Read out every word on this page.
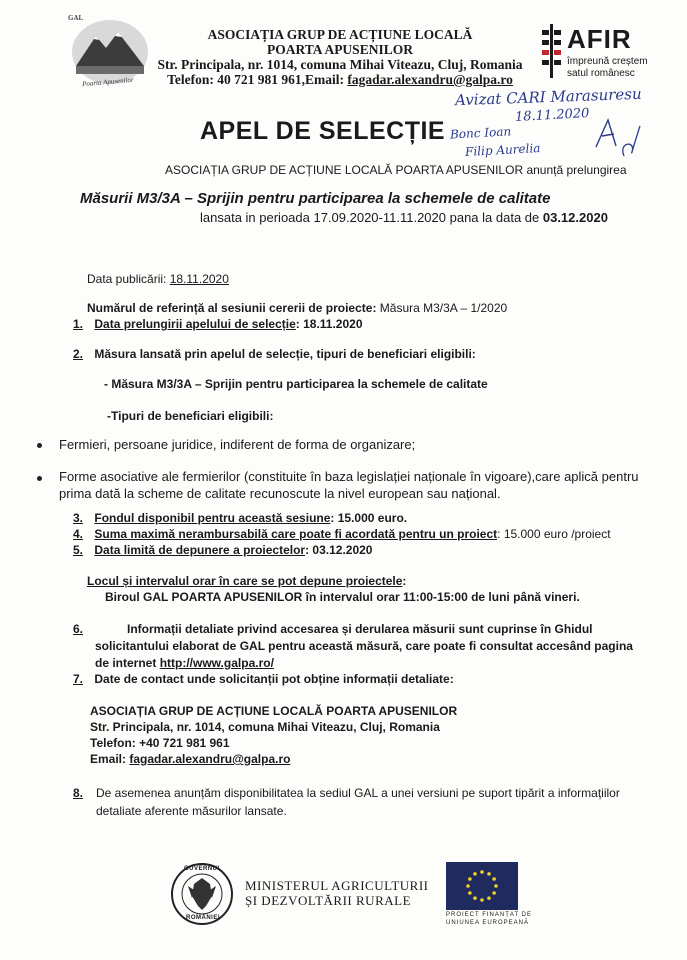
GAL
Poarta Apusenilor
ASOCIAȚIA GRUP DE ACȚIUNE LOCALĂ
POARTA APUSENILOR
Str. Principala, nr. 1014, comuna Mihai Viteazu, Cluj, Romania
Telefon: 40 721 981 961,Email: fagadar.alexandru@galpa.ro
AFIR
împreună creștem
satul românesc
Avizat CARI Marasuresu
18.11.2020
Bonc Ioan
Filip Aurelia
APEL DE SELECȚIE
ASOCIAȚIA GRUP DE ACȚIUNE LOCALĂ POARTA APUSENILOR anunță prelungirea
Măsurii M3/3A – Sprijin pentru participarea la schemele de calitate
lansata in perioada 17.09.2020-11.11.2020 pana la data de 03.12.2020
Data publicării: 18.11.2020
Numărul de referință al sesiunii cererii de proiecte: Măsura M3/3A – 1/2020
1. Data prelungirii apelului de selecție: 18.11.2020
2. Măsura lansată prin apelul de selecție, tipuri de beneficiari eligibili:
- Măsura M3/3A – Sprijin pentru participarea la schemele de calitate
-Tipuri de beneficiari eligibili:
Fermieri, persoane juridice, indiferent de forma de organizare;
Forme asociative ale fermierilor (constituite în baza legislației naționale în vigoare),care aplică pentru
prima dată la scheme de calitate recunoscute la nivel european sau național.
3. Fondul disponibil pentru această sesiune: 15.000 euro.
4. Suma maximă nerambursabilă care poate fi acordată pentru un proiect: 15.000 euro /proiect
5. Data limită de depunere a proiectelor: 03.12.2020
Locul și intervalul orar în care se pot depune proiectele:
Biroul GAL POARTA APUSENILOR în intervalul orar 11:00-15:00 de luni până vineri.
6.	Informații detaliate privind accesarea și derularea măsurii sunt cuprinse în Ghidul
solicitantului elaborat de GAL pentru această măsură, care poate fi consultat accesând pagina
de internet http://www.galpa.ro/
7. Date de contact unde solicitanții pot obține informații detaliate:
ASOCIAȚIA GRUP DE ACȚIUNE LOCALĂ POARTA APUSENILOR
Str. Principala, nr. 1014, comuna Mihai Viteazu, Cluj, Romania
Telefon: +40 721 981 961
Email: fagadar.alexandru@galpa.ro
8. De asemenea anunțăm disponibilitatea la sediul GAL a unei versiuni pe suport tipărit a informațiilor
detaliate aferente măsurilor lansate.
GUVERNUL
ROMÂNIEI
MINISTERUL AGRICULTURII
ȘI DEZVOLTĂRII RURALE
PROIECT FINANȚAT DE
UNIUNEA EUROPEANĂ
